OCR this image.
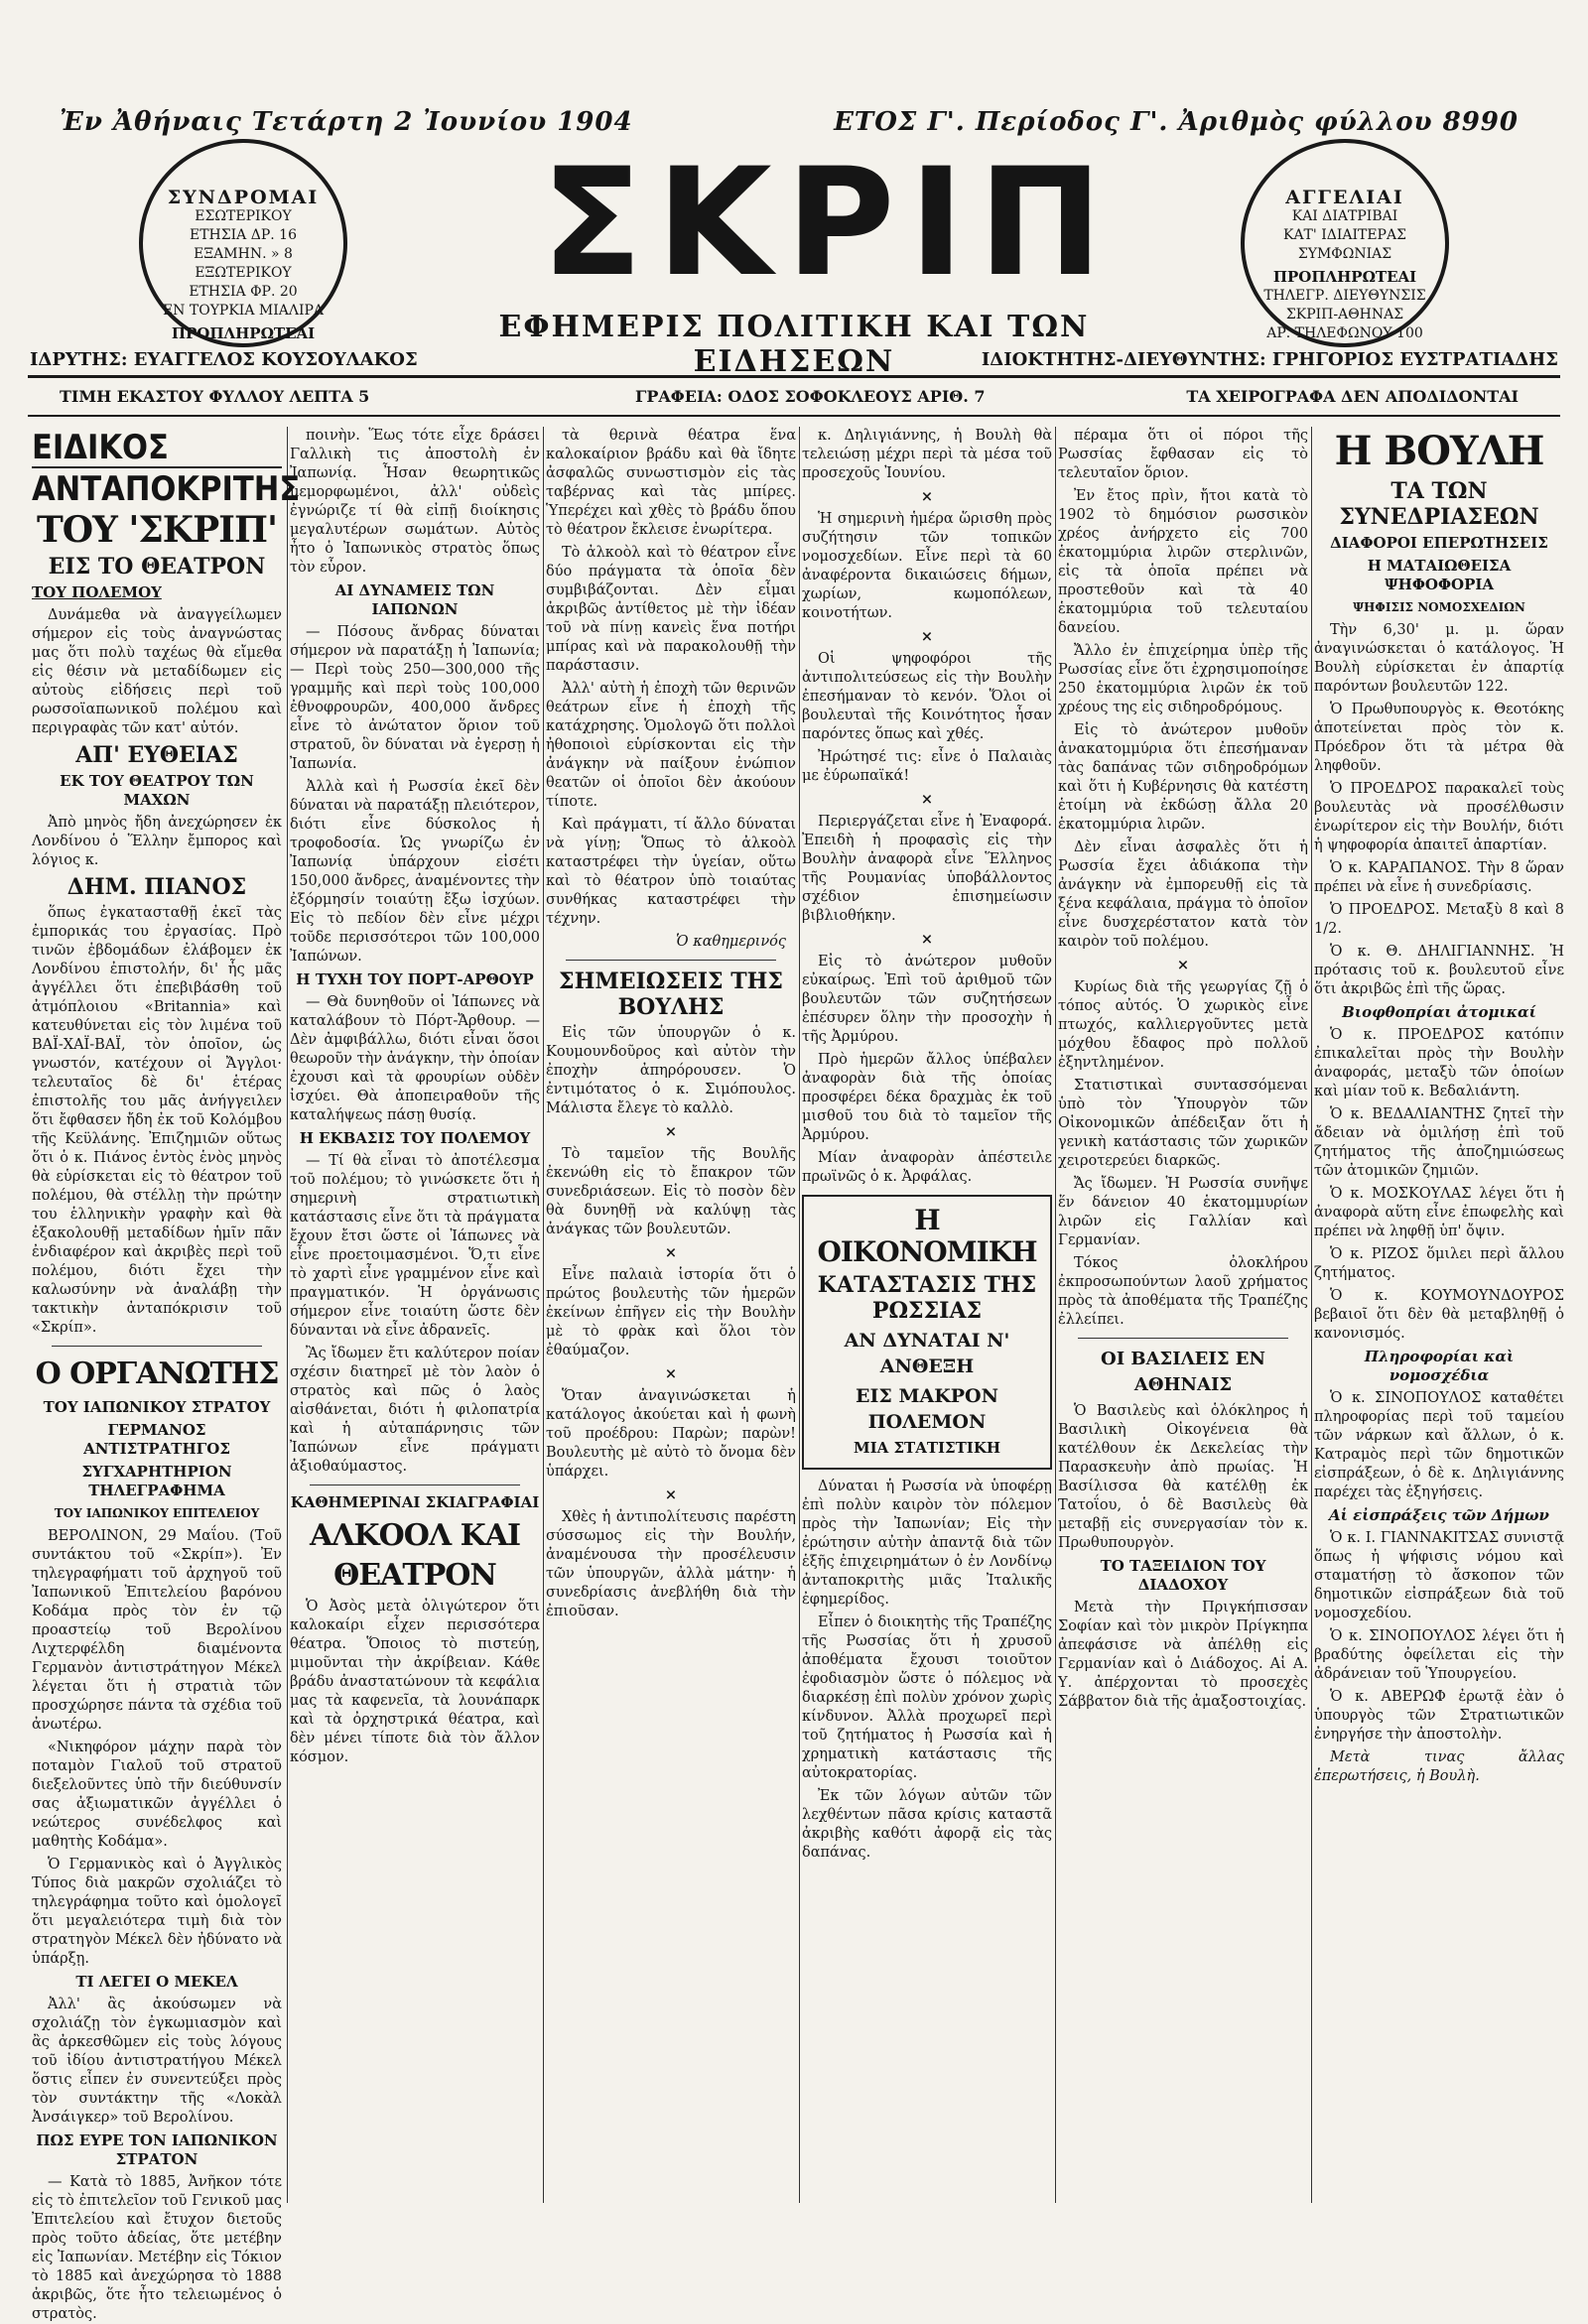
Ἐν Ἀθήναις Τετάρτη 2 Ἰουνίου 1904	ΕΤΟΣ Γ'. Περίοδος Γ'. Ἀριθμὸς φύλλου 8990
ΣΥΝΔΡΟΜΑΙ
ΕΣΩΤΕΡΙΚΟΥ
ΕΤΗΣΙΑ ΔΡ. 16
ΕΞΑΜΗΝ. » 8
ΕΞΩΤΕΡΙΚΟΥ
ΕΤΗΣΙΑ ΦΡ. 20
ΕΝ ΤΟΥΡΚΙΑ ΜΙΑΛΙΡΑ
ΠΡΟΠΛΗΡΩΤΕΑΙ
ΣΚΡΙΠ
ΕΦΗΜΕΡΙΣ ΠΟΛΙΤΙΚΗ ΚΑΙ ΤΩΝ ΕΙΔΗΣΕΩΝ
ΑΓΓΕΛΙΑΙ
ΚΑΙ ΔΙΑΤΡΙΒΑΙ
ΚΑΤ' ΙΔΙΑΙΤΕΡΑΣ
ΣΥΜΦΩΝΙΑΣ
ΠΡΟΠΛΗΡΩΤΕΑΙ
ΤΗΛΕΓΡ. ΔΙΕΥΘΥΝΣΙΣ
ΣΚΡΙΠ-ΑΘΗΝΑΣ
ΑΡ. ΤΗΛΕΦΩΝΟΥ 100
ΙΔΡΥΤΗΣ: ΕΥΑΓΓΕΛΟΣ ΚΟΥΣΟΥΛΑΚΟΣ	ΙΔΙΟΚΤΗΤΗΣ-ΔΙΕΥΘΥΝΤΗΣ: ΓΡΗΓΟΡΙΟΣ ΕΥΣΤΡΑΤΙΑΔΗΣ
ΤΙΜΗ ΕΚΑΣΤΟΥ ΦΥΛΛΟΥ ΛΕΠΤΑ 5	ΓΡΑΦΕΙΑ: ΟΔΟΣ ΣΟΦΟΚΛΕΟΥΣ ΑΡΙΘ. 7	ΤΑ ΧΕΙΡΟΓΡΑΦΑ ΔΕΝ ΑΠΟΔΙΔΟΝΤΑΙ
ΕΙΔΙΚΟΣ
ΑΝΤΑΠΟΚΡΙΤΗΣ
ΤΟΥ 'ΣΚΡΙΠ'
ΕΙΣ ΤΟ ΘΕΑΤΡΟΝ
ΤΟΥ ΠΟΛΕΜΟΥ

Δυνάμεθα νὰ ἀναγγείλωμεν σήμερον εἰς τοὺς ἀναγνώστας μας ὅτι πολὺ ταχέως θὰ εἴμεθα εἰς θέσιν νὰ μεταδίδωμεν εἰς αὐτοὺς εἰδήσεις περὶ τοῦ ρωσσοϊαπωνικοῦ πολέμου καὶ περιγραφὰς τῶν κατ' αὐτόν.

ΑΠ' ΕΥΘΕΙΑΣ
ΕΚ ΤΟΥ ΘΕΑΤΡΟΥ ΤΩΝ ΜΑΧΩΝ

Ἀπὸ μηνὸς ἤδη ἀνεχώρησεν ἐκ Λονδίνου ὁ Ἕλλην ἔμπορος καὶ λόγιος κ.

ΔΗΜ. ΠΙΑΝΟΣ

ὅπως ἐγκατασταθῇ ἐκεῖ τὰς ἐμπορικάς του ἐργασίας. Πρὸ τινῶν ἑβδομάδων ἐλάβομεν ἐκ Λονδίνου ἐπιστολήν, δι' ἧς μᾶς ἀγγέλλει ὅτι ἐπεβιβάσθη τοῦ ἀτμόπλοιου «Britannia» καὶ κατευθύνεται εἰς τὸν λιμένα τοῦ ΒΑΪ-ΧΑΪ-ΒΑΪ, τὸν ὁποῖον, ὡς γνωστόν, κατέχουν οἱ Ἄγγλοι· τελευταῖος δὲ δι' ἑτέρας ἐπιστολῆς του μᾶς ἀνήγγειλεν ὅτι ἔφθασεν ἤδη ἐκ τοῦ Κολόμβου τῆς Κεϋλάνης. Ἐπιζημιῶν οὕτως ὅτι ὁ κ. Πιάνος ἐντὸς ἑνὸς μηνὸς θὰ εὑρίσκεται εἰς τὸ θέατρον τοῦ πολέμου, θὰ στέλλῃ τὴν πρώτην του ἑλληνικὴν γραφὴν καὶ θὰ ἐξακολουθῇ μεταδίδων ἡμῖν πᾶν ἐνδιαφέρον καὶ ἀκριβὲς περὶ τοῦ πολέμου, διότι ἔχει τὴν καλωσύνην νὰ ἀναλάβῃ τὴν τακτικὴν ἀνταπόκρισιν τοῦ «Σκρίπ».

Ο ΟΡΓΑΝΩΤΗΣ
ΤΟΥ ΙΑΠΩΝΙΚΟΥ ΣΤΡΑΤΟΥ
ΓΕΡΜΑΝΟΣ ΑΝΤΙΣΤΡΑΤΗΓΟΣ
ΣΥΓΧΑΡΗΤΗΡΙΟΝ ΤΗΛΕΓΡΑΦΗΜΑ
ΤΟΥ ΙΑΠΩΝΙΚΟΥ ΕΠΙΤΕΛΕΙΟΥ

ΒΕΡΟΛΙΝΟΝ, 29 Μαΐου. (Τοῦ συντάκτου τοῦ «Σκρίπ»). Ἐν τηλεγραφήματι τοῦ ἀρχηγοῦ τοῦ Ἰαπωνικοῦ Ἐπιτελείου βαρόνου Κοδάμα πρὸς τὸν ἐν τῷ προαστείῳ τοῦ Βερολίνου Λιχτερφέλδη διαμένοντα Γερμανὸν ἀντιστράτηγον Μέκελ λέγεται ὅτι ἡ στρατιὰ τῶν προσχώρησε πάντα τὰ σχέδια τοῦ ἀνωτέρω.

«Νικηφόρον μάχην παρὰ τὸν ποταμὸν Γιαλοῦ τοῦ στρατοῦ διεξελοῦντες ὑπὸ τῆν διεύθυνσίν σας ἀξιωματικῶν ἀγγέλλει ὁ νεώτερος συνέδελφος καὶ μαθητὴς Κοδάμα».

Ὁ Γερμανικὸς καὶ ὁ Ἀγγλικὸς Τύπος διὰ μακρῶν σχολιάζει τὸ τηλεγράφημα τοῦτο καὶ ὁμολογεῖ ὅτι μεγαλειότερα τιμὴ διὰ τὸν στρατηγὸν Μέκελ δὲν ἠδύνατο νὰ ὑπάρξῃ.

ΤΙ ΛΕΓΕΙ Ο ΜΕΚΕΛ

Ἀλλ' ἂς ἀκούσωμεν νὰ σχολιάζῃ τὸν ἐγκωμιασμὸν καὶ ἂς ἀρκεσθῶμεν εἰς τοὺς λόγους τοῦ ἰδίου ἀντιστρατήγου Μέκελ ὅστις εἶπεν ἐν συνεντεύξει πρὸς τὸν συντάκτην τῆς «Λοκὰλ Ἀνσάιγκερ» τοῦ Βερολίνου.

ΠΩΣ ΕΥΡΕ ΤΟΝ ΙΑΠΩΝΙΚΟΝ ΣΤΡΑΤΟΝ

— Κατὰ τὸ 1885, Ἀνῆκον τότε εἰς τὸ ἐπιτελεῖον τοῦ Γενικοῦ μας Ἐπιτελείου καὶ ἔτυχον διετοῦς πρὸς τοῦτο ἀδείας, ὅτε μετέβην εἰς Ἰαπωνίαν. Μετέβην εἰς Τόκιον τὸ 1885 καὶ ἀνεχώρησα τὸ 1888 ἀκριβῶς, ὅτε ἦτο τελειωμένος ὁ στρατὸς.

ποινὴν. Ἕως τότε εἶχε δράσει Γαλλικὴ τις ἀποστολὴ ἐν Ἰαπωνίᾳ. Ἦσαν θεωρητικῶς μεμορφωμένοι, ἀλλ' οὐδεὶς ἐγνώριζε τί θὰ εἰπῇ διοίκησις μεγαλυτέρων σωμάτων. Αὐτὸς ἦτο ὁ Ἰαπωνικὸς στρατὸς ὅπως τὸν εὗρον.

ΑΙ ΔΥΝΑΜΕΙΣ ΤΩΝ ΙΑΠΩΝΩΝ

— Πόσους ἄνδρας δύναται σήμερον νὰ παρατάξῃ ἡ Ἰαπωνία; — Περὶ τοὺς 250—300,000 τῆς γραμμῆς καὶ περὶ τοὺς 100,000 ἐθνοφρουρῶν, 400,000 ἄνδρες εἶνε τὸ ἀνώτατον ὅριον τοῦ στρατοῦ, ὃν δύναται νὰ ἐγερσῃ ἡ Ἰαπωνία.

Ἀλλὰ καὶ ἡ Ρωσσία ἐκεῖ δὲν δύναται νὰ παρατάξῃ πλειότερον, διότι εἶνε δύσκολος ἡ τροφοδοσία. Ὡς γνωρίζω ἐν Ἰαπωνίᾳ ὑπάρχουν εἰσέτι 150,000 ἄνδρες, ἀναμένοντες τὴν ἐξόρμησίν τοιαύτῃ ἔξω ἰσχύων. Εἰς τὸ πεδίον δὲν εἶνε μέχρι τοῦδε περισσότεροι τῶν 100,000 Ἰαπώνων.

Η ΤΥΧΗ ΤΟΥ ΠΟΡΤ-ΑΡΘΟΥΡ

— Θὰ δυνηθοῦν οἱ Ἰάπωνες νὰ καταλάβουν τὸ Πόρτ-Ἄρθουρ. — Δὲν ἀμφιβάλλω, διότι εἶναι ὅσοι θεωροῦν τὴν ἀνάγκην, τὴν ὁποίαν ἐχουσι καὶ τὰ φρουρίων οὐδὲν ἰσχύει. Θὰ ἀποπειραθοῦν τῆς καταλήψεως πάσῃ θυσίᾳ.

Η ΕΚΒΑΣΙΣ ΤΟΥ ΠΟΛΕΜΟΥ

— Τί θὰ εἶναι τὸ ἀποτέλεσμα τοῦ πολέμου; τὸ γινώσκετε ὅτι ἡ σημερινὴ στρατιωτικὴ κατάστασις εἶνε ὅτι τὰ πράγματα ἔχουν ἔτσι ὥστε οἱ Ἰάπωνες νὰ εἶνε προετοιμασμένοι. Ὅ,τι εἶνε τὸ χαρτὶ εἶνε γραμμένον εἶνε καὶ πραγματικόν. Ἡ ὀργάνωσις σήμερον εἶνε τοιαύτη ὥστε δὲν δύνανται νὰ εἶνε ἀδρανεῖς.

Ἂς ἴδωμεν ἔτι καλύτερον ποίαν σχέσιν διατηρεῖ μὲ τὸν λαὸν ὁ στρατὸς καὶ πῶς ὁ λαὸς αἰσθάνεται, διότι ἡ φιλοπατρία καὶ ἡ αὐταπάρνησις τῶν Ἰαπώνων εἶνε πράγματι ἀξιοθαύμαστος.

ΚΑΘΗΜΕΡΙΝΑΙ ΣΚΙΑΓΡΑΦΙΑΙ
ΑΛΚΟΟΛ ΚΑΙ ΘΕΑΤΡΟΝ

Ὁ Ἀσὸς μετὰ ὀλιγώτερον ὅτι καλοκαίρι εἶχεν περισσότερα θέατρα. Ὅποιος τὸ πιστεύῃ, μιμοῦνται τὴν ἀκρίβειαν. Κάθε βράδυ ἀναστατώνουν τὰ κεφάλια μας τὰ καφενεῖα, τὰ λουνάπαρκ καὶ τὰ ὀρχηστρικά θέατρα, καὶ δὲν μένει τίποτε διὰ τὸν ἄλλον κόσμον.

τὰ θερινὰ θέατρα ἕνα καλοκαίριον βράδυ καὶ θὰ ἴδητε ἀσφαλῶς συνωστισμὸν εἰς τὰς ταβέρνας καὶ τὰς μπίρες. Ὑπερέχει καὶ χθὲς τὸ βράδυ ὅπου τὸ θέατρον ἔκλεισε ἐνωρίτερα.

Τὸ ἀλκοὸλ καὶ τὸ θέατρον εἶνε δύο πράγματα τὰ ὁποῖα δὲν συμβιβάζονται. Δὲν εἶμαι ἀκριβῶς ἀντίθετος μὲ τὴν ἰδέαν τοῦ νὰ πίνῃ κανεὶς ἕνα ποτήρι μπίρας καὶ νὰ παρακολουθῇ τὴν παράστασιν.

Ἀλλ' αὐτὴ ἡ ἐποχὴ τῶν θερινῶν θεάτρων εἶνε ἡ ἐποχὴ τῆς κατάχρησης. Ὁμολογῶ ὅτι πολλοὶ ἠθοποιοὶ εὑρίσκονται εἰς τὴν ἀνάγκην νὰ παίξουν ἐνώπιον θεατῶν οἱ ὁποῖοι δὲν ἀκούουν τίποτε.

Καὶ πράγματι, τί ἄλλο δύναται νὰ γίνῃ; Ὅπως τὸ ἀλκοὸλ καταστρέφει τὴν ὑγείαν, οὕτω καὶ τὸ θέατρον ὑπὸ τοιαύτας συνθήκας καταστρέφει τὴν τέχνην.

Ὁ καθημερινός
ΣΗΜΕΙΩΣΕΙΣ ΤΗΣ ΒΟΥΛΗΣ

Εἰς τῶν ὑπουργῶν ὁ κ. Κουμουνδοῦρος καὶ αὐτὸν τὴν ἐποχὴν ἀπηρόρουσεν. Ὁ ἐντιμότατος ὁ κ. Σιμόπουλος. Μάλιστα ἔλεγε τὸ καλλὸ.

×

Τὸ ταμεῖον τῆς Βουλῆς ἐκενώθη εἰς τὸ ἔπακρον τῶν συνεδριάσεων. Εἰς τὸ ποσὸν δὲν θὰ δυνηθῇ νὰ καλύψῃ τὰς ἀνάγκας τῶν βουλευτῶν.

×

Εἶνε παλαιὰ ἱστορία ὅτι ὁ πρώτος βουλευτὴς τῶν ἡμερῶν ἐκείνων ἐπῆγεν εἰς τὴν Βουλὴν μὲ τὸ φρὰκ καὶ ὅλοι τὸν ἐθαύμαζον.

×

Ὅταν ἀναγινώσκεται ἡ κατάλογος ἀκούεται καὶ ἡ φωνὴ τοῦ προέδρου: Παρὼν; παρὼν! Βουλευτὴς μὲ αὐτὸ τὸ ὄνομα δὲν ὑπάρχει.

×

Χθὲς ἡ ἀντιπολίτευσις παρέστη σύσσωμος εἰς τὴν Βουλήν, ἀναμένουσα τὴν προσέλευσιν τῶν ὑπουργῶν, ἀλλὰ μάτην· ἡ συνεδρίασις ἀνεβλήθη διὰ τὴν ἐπιοῦσαν.

κ. Δηλιγιάννης, ἡ Βουλὴ θὰ τελειώσῃ μέχρι περὶ τὰ μέσα τοῦ προσεχοῦς Ἰουνίου.

×

Ἡ σημερινὴ ἡμέρα ὥρισθη πρὸς συζήτησιν τῶν τοπικῶν νομοσχεδίων. Εἶνε περὶ τὰ 60 ἀναφέροντα δικαιώσεις δήμων, χωρίων, κωμοπόλεων, κοινοτήτων.

×

Οἱ ψηφοφόροι τῆς ἀντιπολιτεύσεως εἰς τὴν Βουλὴν ἐπεσήμαναν τὸ κενόν. Ὅλοι οἱ βουλευταὶ τῆς Κοινότητος ἦσαν παρόντες ὅπως καὶ χθές.

Ἠρώτησέ τις: εἶνε ὁ Παλαιὰς με ἐύρωπαϊκά!

×

Περιεργάζεται εἶνε ἡ Ἐναφορά. Ἐπειδὴ ἡ προφασὶς εἰς τὴν Βουλὴν ἀναφορὰ εἶνε Ἕλληνος τῆς Ρουμανίας ὑποβάλλοντος σχέδιον ἐπισημείωσιν βιβλιοθήκην.

×

Εἰς τὸ ἀνώτερον μυθοῦν εὐκαίρως. Ἐπὶ τοῦ ἀριθμοῦ τῶν βουλευτῶν τῶν συζητήσεων ἐπέσυρεν ὅλην τὴν προσοχὴν ἡ τῆς Ἀρμύρου.

Πρὸ ἡμερῶν ἄλλος ὑπέβαλεν ἀναφορὰν διὰ τῆς ὁποίας προσφέρει δέκα δραχμὰς ἐκ τοῦ μισθοῦ του διὰ τὸ ταμεῖον τῆς Ἀρμύρου.

Μίαν ἀναφορὰν ἀπέστειλε πρωϊνῶς ὁ κ. Ἀρφάλας.

Η ΟΙΚΟΝΟΜΙΚΗ
ΚΑΤΑΣΤΑΣΙΣ ΤΗΣ ΡΩΣΣΙΑΣ
ΑΝ ΔΥΝΑΤΑΙ Ν' ΑΝΘΕΞΗ
ΕΙΣ ΜΑΚΡΟΝ ΠΟΛΕΜΟΝ
ΜΙΑ ΣΤΑΤΙΣΤΙΚΗ

Δύναται ἡ Ρωσσία νὰ ὑποφέρῃ ἐπὶ πολὺν καιρὸν τὸν πόλεμον πρὸς τὴν Ἰαπωνίαν; Εἰς τὴν ἐρώτησιν αὐτὴν ἀπαντᾷ διὰ τῶν ἑξῆς ἐπιχειρημάτων ὁ ἐν Λονδίνῳ ἀνταποκριτὴς μιᾶς Ἰταλικῆς ἐφημερίδος.

Εἶπεν ὁ διοικητὴς τῆς Τραπέζης τῆς Ρωσσίας ὅτι ἡ χρυσοῦ ἀποθέματα ἔχουσι τοιοῦτον ἐφοδιασμὸν ὥστε ὁ πόλεμος νὰ διαρκέσῃ ἐπὶ πολὺν χρόνον χωρὶς κίνδυνον. Ἀλλὰ προχωρεῖ περὶ τοῦ ζητήματος ἡ Ρωσσία καὶ ἡ χρηματικὴ κατάστασις τῆς αὐτοκρατορίας.

Ἐκ τῶν λόγων αὐτῶν τῶν λεχθέντων πᾶσα κρίσις καταστᾶ ἀκριβὴς καθότι ἀφορᾷ εἰς τὰς δαπάνας.

πέραμα ὅτι οἱ πόροι τῆς Ρωσσίας ἔφθασαν εἰς τὸ τελευταῖον ὅριον.

Ἐν ἔτος πρὶν, ἤτοι κατὰ τὸ 1902 τὸ δημόσιον ρωσσικὸν χρέος ἀνήρχετο εἰς 700 ἑκατομμύρια λιρῶν στερλινῶν, εἰς τὰ ὁποῖα πρέπει νὰ προστεθοῦν καὶ τὰ 40 ἑκατομμύρια τοῦ τελευταίου δανείου.

Ἄλλο ἐν ἐπιχείρημα ὑπὲρ τῆς Ρωσσίας εἶνε ὅτι ἐχρησιμοποίησε 250 ἑκατομμύρια λιρῶν ἐκ τοῦ χρέους της εἰς σιδηροδρόμους.

Εἰς τὸ ἀνώτερον μυθοῦν ἀνακατομμύρια ὅτι ἐπεσήμαναν τὰς δαπάνας τῶν σιδηροδρόμων καὶ ὅτι ἡ Κυβέρνησις θὰ κατέστη ἑτοίμη νὰ ἐκδώσῃ ἄλλα 20 ἑκατομμύρια λιρῶν.

Δὲν εἶναι ἀσφαλὲς ὅτι ἡ Ρωσσία ἔχει ἀδιάκοπα τὴν ἀνάγκην νὰ ἐμπορευθῇ εἰς τὰ ξένα κεφάλαια, πράγμα τὸ ὁποῖον εἶνε δυσχερέστατον κατὰ τὸν καιρὸν τοῦ πολέμου.

×

Κυρίως διὰ τῆς γεωργίας ζῇ ὁ τόπος αὐτός. Ὁ χωρικὸς εἶνε πτωχός, καλλιεργοῦντες μετὰ μόχθου ἔδαφος πρὸ πολλοῦ ἐξηντλημένον.

Στατιστικαὶ συντασσόμεναι ὑπὸ τὸν Ὑπουργὸν τῶν Οἰκονομικῶν ἀπέδειξαν ὅτι ἡ γενικὴ κατάστασις τῶν χωρικῶν χειροτερεύει διαρκῶς.

Ἄς ἴδωμεν. Ἡ Ρωσσία συνῆψε ἕν δάνειον 40 ἑκατομμυρίων λιρῶν εἰς Γαλλίαν καὶ Γερμανίαν.

Τόκος ὀλοκλήρου ἐκπροσωπούντων λαοῦ χρήματος πρὸς τὰ ἀποθέματα τῆς Τραπέζης ἐλλείπει.

ΟΙ ΒΑΣΙΛΕΙΣ ΕΝ ΑΘΗΝΑΙΣ

Ὁ Βασιλεὺς καὶ ὁλόκληρος ἡ Βασιλικὴ Οἰκογένεια θὰ κατέλθουν ἐκ Δεκελείας τὴν Παρασκευὴν ἀπὸ πρωίας. Ἡ Βασίλισσα θὰ κατέλθῃ ἐκ Τατοΐου, ὁ δὲ Βασιλεὺς θὰ μεταβῇ εἰς συνεργασίαν τὸν κ. Πρωθυπουργὸν.

ΤΟ ΤΑΞΕΙΔΙΟΝ ΤΟΥ ΔΙΑΔΟΧΟΥ

Μετὰ τὴν Πριγκήπισσαν Σοφίαν καὶ τὸν μικρὸν Πρίγκηπα ἀπεφάσισε νὰ ἀπέλθῃ εἰς Γερμανίαν καὶ ὁ Διάδοχος. Αἱ Α. Υ. ἀπέρχονται τὸ προσεχὲς Σάββατον διὰ τῆς ἀμαξοστοιχίας.

Η ΒΟΥΛΗ
ΤΑ ΤΩΝ ΣΥΝΕΔΡΙΑΣΕΩΝ
ΔΙΑΦΟΡΟΙ ΕΠΕΡΩΤΗΣΕΙΣ
Η ΜΑΤΑΙΩΘΕΙΣΑ ΨΗΦΟΦΟΡΙΑ
ΨΗΦΙΣΙΣ ΝΟΜΟΣΧΕΔΙΩΝ

Τὴν 6,30' μ. μ. ὥραν ἀναγινώσκεται ὁ κατάλογος. Ἡ Βουλὴ εὑρίσκεται ἐν ἀπαρτίᾳ παρόντων βουλευτῶν 122.

Ὁ Πρωθυπουργὸς κ. Θεοτόκης ἀποτείνεται πρὸς τὸν κ. Πρόεδρον ὅτι τὰ μέτρα θὰ ληφθοῦν.

Ὁ ΠΡΟΕΔΡΟΣ παρακαλεῖ τοὺς βουλευτὰς νὰ προσέλθωσιν ἐνωρίτερον εἰς τὴν Βουλήν, διότι ἡ ψηφοφορία ἀπαιτεῖ ἀπαρτίαν.

Ὁ κ. ΚΑΡΑΠΑΝΟΣ. Τὴν 8 ὥραν πρέπει νὰ εἶνε ἡ συνεδρίασις.

Ὁ ΠΡΟΕΔΡΟΣ. Μεταξὺ 8 καὶ 8 1/2.

Ὁ κ. Θ. ΔΗΛΙΓΙΑΝΝΗΣ. Ἡ πρότασις τοῦ κ. βουλευτοῦ εἶνε ὅτι ἀκριβῶς ἐπὶ τῆς ὥρας.

Βιοφθοπρίαι ἀτομικαί

Ὁ κ. ΠΡΟΕΔΡΟΣ κατόπιν ἐπικαλεῖται πρὸς τὴν Βουλὴν ἀναφοράς, μεταξὺ τῶν ὁποίων καὶ μίαν τοῦ κ. Βεδαλιάντη.

Ὁ κ. ΒΕΔΑΛΙΑΝΤΗΣ ζητεῖ τὴν ἄδειαν νὰ ὁμιλήσῃ ἐπὶ τοῦ ζητήματος τῆς ἀποζημιώσεως τῶν ἀτομικῶν ζημιῶν.

Ὁ κ. ΜΟΣΚΟΥΛΑΣ λέγει ὅτι ἡ ἀναφορὰ αὕτη εἶνε ἐπωφελὴς καὶ πρέπει νὰ ληφθῇ ὑπ' ὄψιν.

Ὁ κ. ΡΙΖΟΣ ὅμιλει περὶ ἄλλου ζητήματος.

Ὁ κ. ΚΟΥΜΟΥΝΔΟΥΡΟΣ βεβαιοῖ ὅτι δὲν θὰ μεταβληθῇ ὁ κανονισμός.

Πληροφορίαι καὶ νομοσχέδια

Ὁ κ. ΣΙΝΟΠΟΥΛΟΣ καταθέτει πληροφορίας περὶ τοῦ ταμείου τῶν νάρκων καὶ ἄλλων, ὁ κ. Κατραμὸς περὶ τῶν δημοτικῶν εἰσπράξεων, ὁ δὲ κ. Δηλιγιάννης παρέχει τὰς ἐξηγήσεις.

Αἱ εἰσπράξεις τῶν Δήμων

Ὁ κ. Ι. ΓΙΑΝΝΑΚΙΤΣΑΣ συνιστᾷ ὅπως ἡ ψήφισις νόμου καὶ σταματήσῃ τὸ ἄσκοπον τῶν δημοτικῶν εἰσπράξεων διὰ τοῦ νομοσχεδίου.

Ὁ κ. ΣΙΝΟΠΟΥΛΟΣ λέγει ὅτι ἡ βραδύτης ὀφείλεται εἰς τὴν ἀδράνειαν τοῦ Ὑπουργείου.

Ὁ κ. ΑΒΕΡΩΦ ἐρωτᾷ ἐὰν ὁ ὑπουργὸς τῶν Στρατιωτικῶν ἐνηργήσε τὴν ἀποστολὴν.

Μετὰ τινας ἄλλας ἐπερωτήσεις, ἡ Βουλὴ.
